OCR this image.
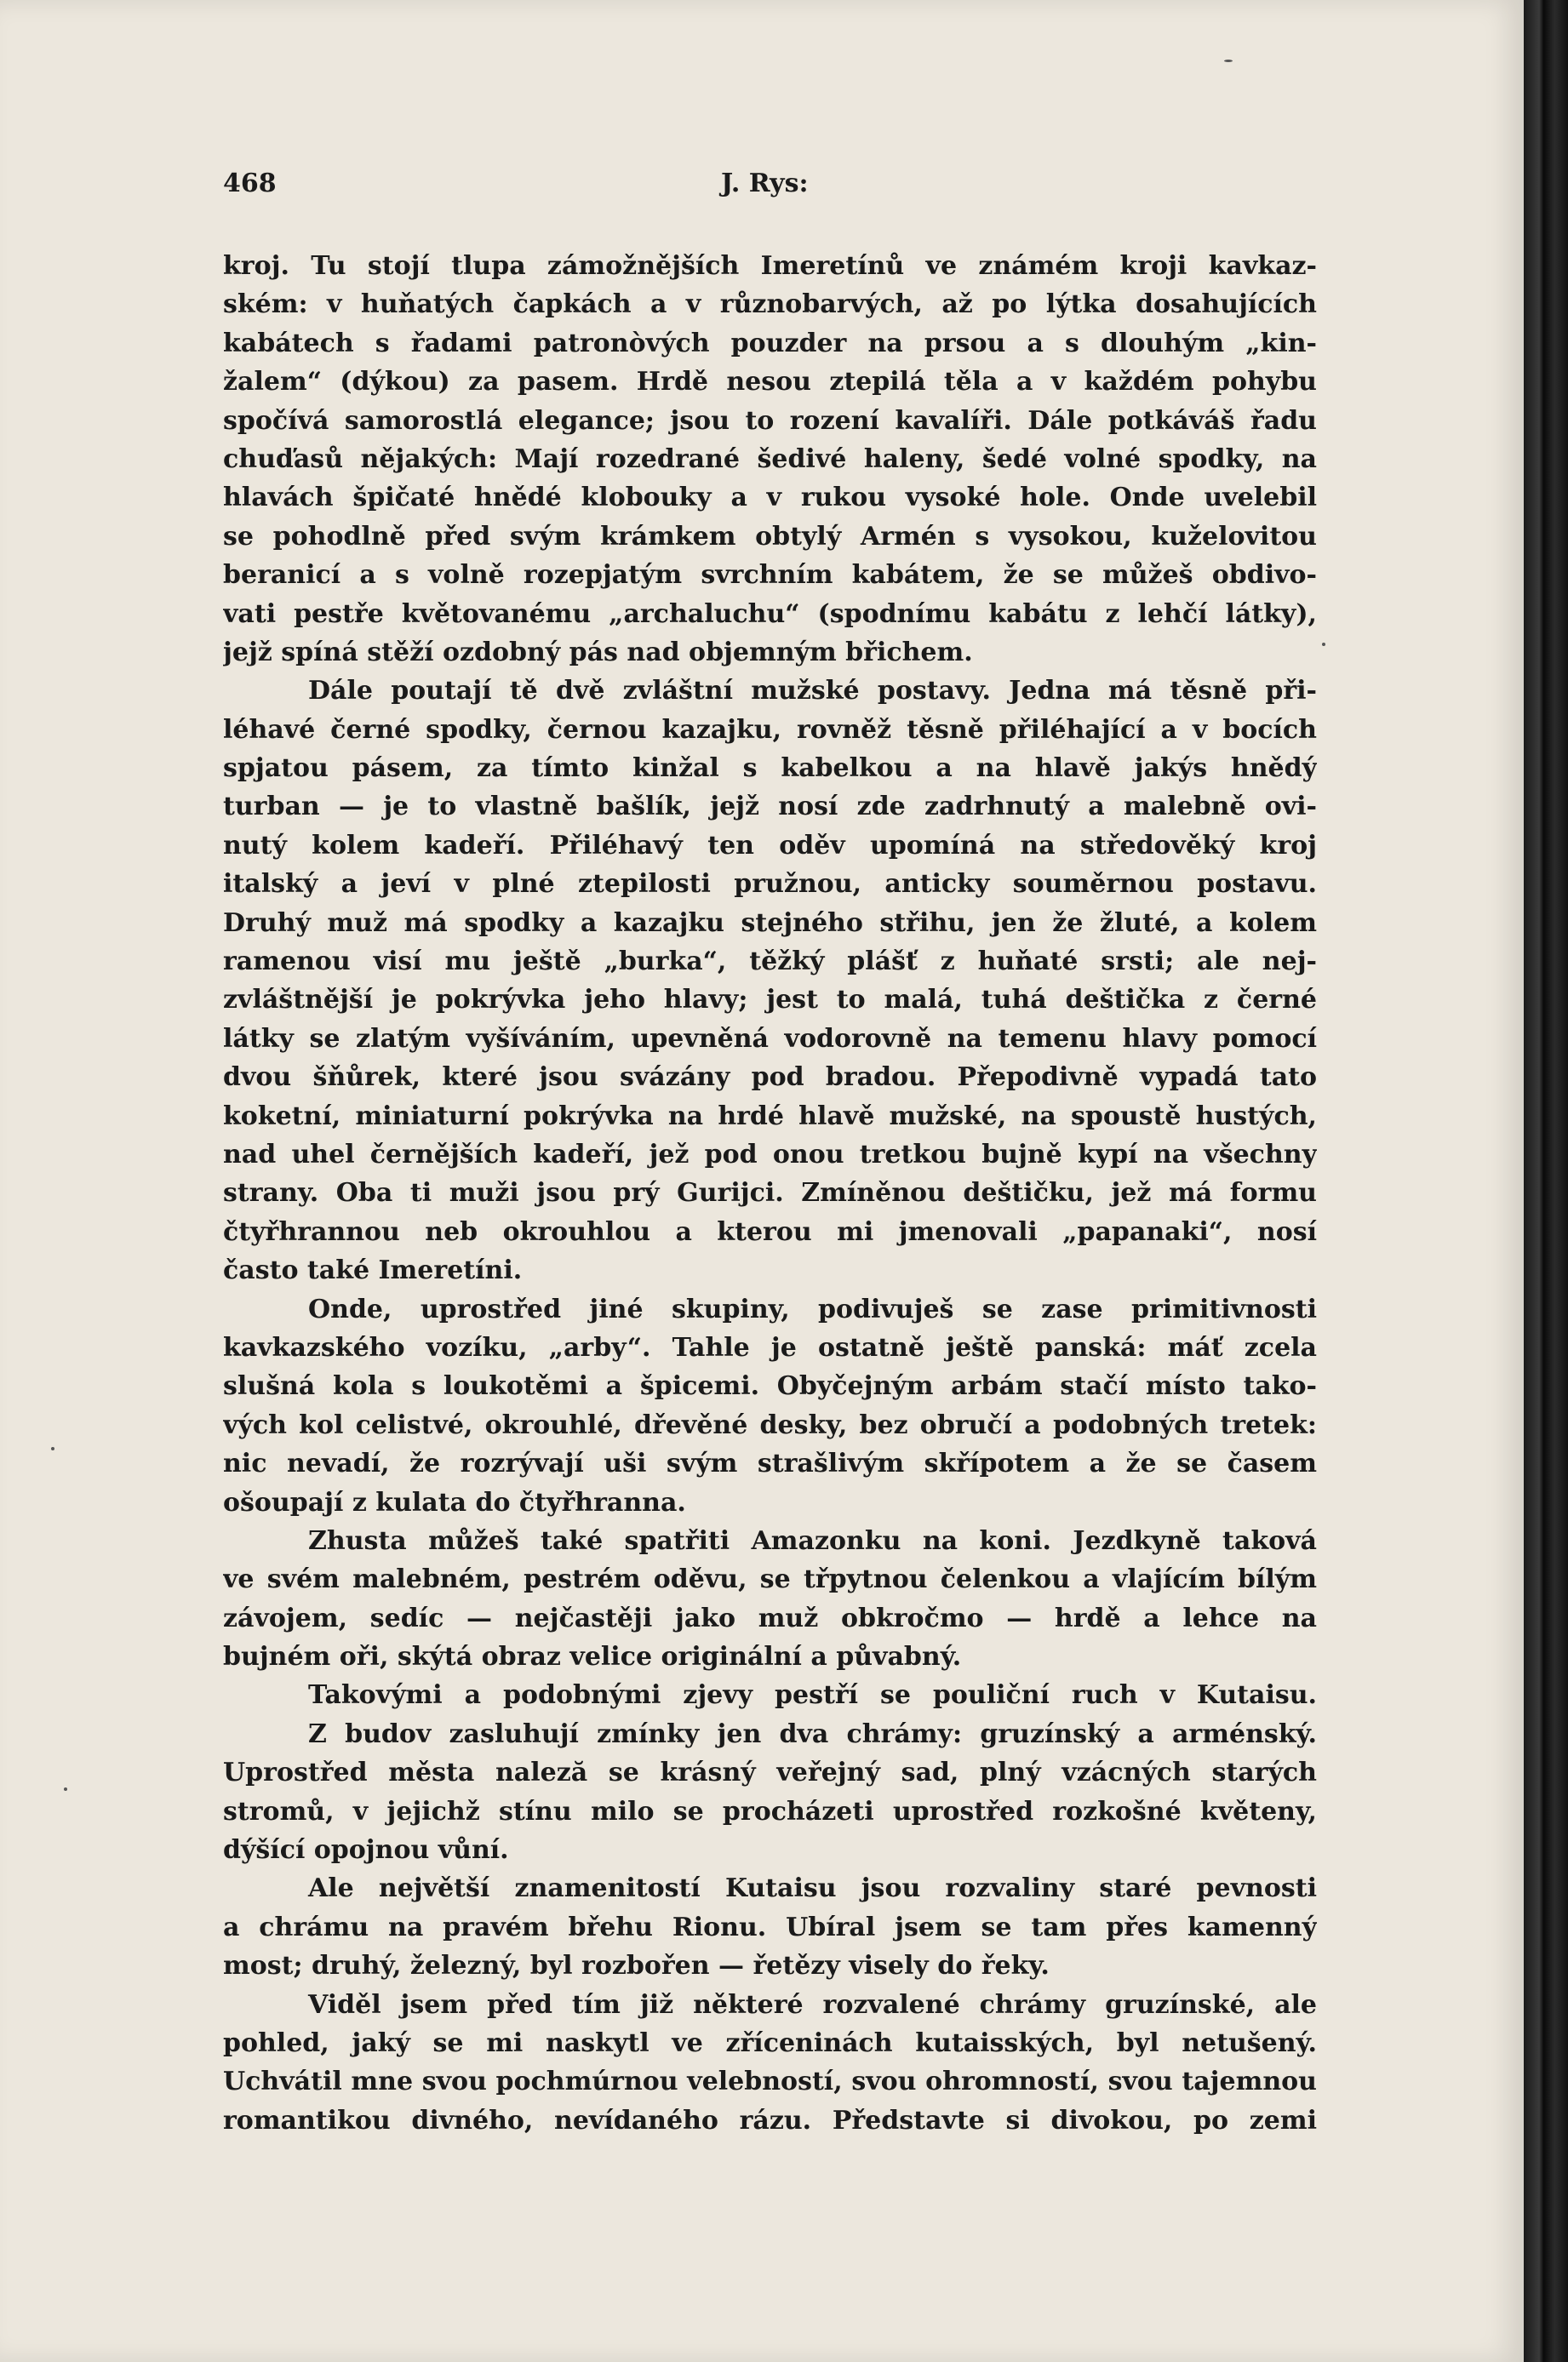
468	J. Rys:
kroj. Tu stojí tlupa zámožnějších Imeretínů ve známém kroji kavkaz-
ském: v huňatých čapkách a v různobarvých, až po lýtka dosahujících
kabátech s řadami patronòvých pouzder na prsou a s dlouhým „kin-
žalem“ (dýkou) za pasem. Hrdě nesou ztepilá těla a v každém pohybu
spočívá samorostlá elegance; jsou to rození kavalíři. Dále potkáváš řadu
chuďasů nějakých: Mají rozedrané šedivé haleny, šedé volné spodky, na
hlavách špičaté hnědé klobouky a v rukou vysoké hole. Onde uvelebil
se pohodlně před svým krámkem obtylý Armén s vysokou, kuželovitou
beranicí a s volně rozepjatým svrchním kabátem, že se můžeš obdivo-
vati pestře květovanému „archaluchu“ (spodnímu kabátu z lehčí látky),
jejž spíná stěží ozdobný pás nad objemným břichem.
Dále poutají tě dvě zvláštní mužské postavy. Jedna má těsně při-
léhavé černé spodky, černou kazajku, rovněž těsně přiléhající a v bocích
spjatou pásem, za tímto kinžal s kabelkou a na hlavě jakýs hnědý
turban — je to vlastně bašlík, jejž nosí zde zadrhnutý a malebně ovi-
nutý kolem kadeří. Přiléhavý ten oděv upomíná na středověký kroj
italský a jeví v plné ztepilosti pružnou, anticky souměrnou postavu.
Druhý muž má spodky a kazajku stejného střihu, jen že žluté, a kolem
ramenou visí mu ještě „burka“, těžký plášť z huňaté srsti; ale nej-
zvláštnější je pokrývka jeho hlavy; jest to malá, tuhá deštička z černé
látky se zlatým vyšíváním, upevněná vodorovně na temenu hlavy pomocí
dvou šňůrek, které jsou svázány pod bradou. Přepodivně vypadá tato
koketní, miniaturní pokrývka na hrdé hlavě mužské, na spoustě hustých,
nad uhel černějších kadeří, jež pod onou tretkou bujně kypí na všechny
strany. Oba ti muži jsou prý Gurijci. Zmíněnou deštičku, jež má formu
čtyřhrannou neb okrouhlou a kterou mi jmenovali „papanaki“, nosí
často také Imeretíni.
Onde, uprostřed jiné skupiny, podivuješ se zase primitivnosti
kavkazského vozíku, „arby“. Tahle je ostatně ještě panská: máť zcela
slušná kola s loukotěmi a špicemi. Obyčejným arbám stačí místo tako-
vých kol celistvé, okrouhlé, dřevěné desky, bez obručí a podobných tretek:
nic nevadí, že rozrývají uši svým strašlivým skřípotem a že se časem
ošoupají z kulata do čtyřhranna.
Zhusta můžeš také spatřiti Amazonku na koni. Jezdkyně taková
ve svém malebném, pestrém oděvu, se třpytnou čelenkou a vlajícím bílým
závojem, sedíc — nejčastěji jako muž obkročmo — hrdě a lehce na
bujném oři, skýtá obraz velice originální a půvabný.
Takovými a podobnými zjevy pestří se pouliční ruch v Kutaisu.
Z budov zasluhují zmínky jen dva chrámy: gruzínský a arménský.
Uprostřed města naleză se krásný veřejný sad, plný vzácných starých
stromů, v jejichž stínu milo se procházeti uprostřed rozkošné květeny,
dýšící opojnou vůní.
Ale největší znamenitostí Kutaisu jsou rozvaliny staré pevnosti
a chrámu na pravém břehu Rionu. Ubíral jsem se tam přes kamenný
most; druhý, železný, byl rozbořen — řetězy visely do řeky.
Viděl jsem před tím již některé rozvalené chrámy gruzínské, ale
pohled, jaký se mi naskytl ve zříceninách kutaisských, byl netušený.
Uchvátil mne svou pochmúrnou velebností, svou ohromností, svou tajemnou
romantikou divného, nevídaného rázu. Představte si divokou, po zemi
